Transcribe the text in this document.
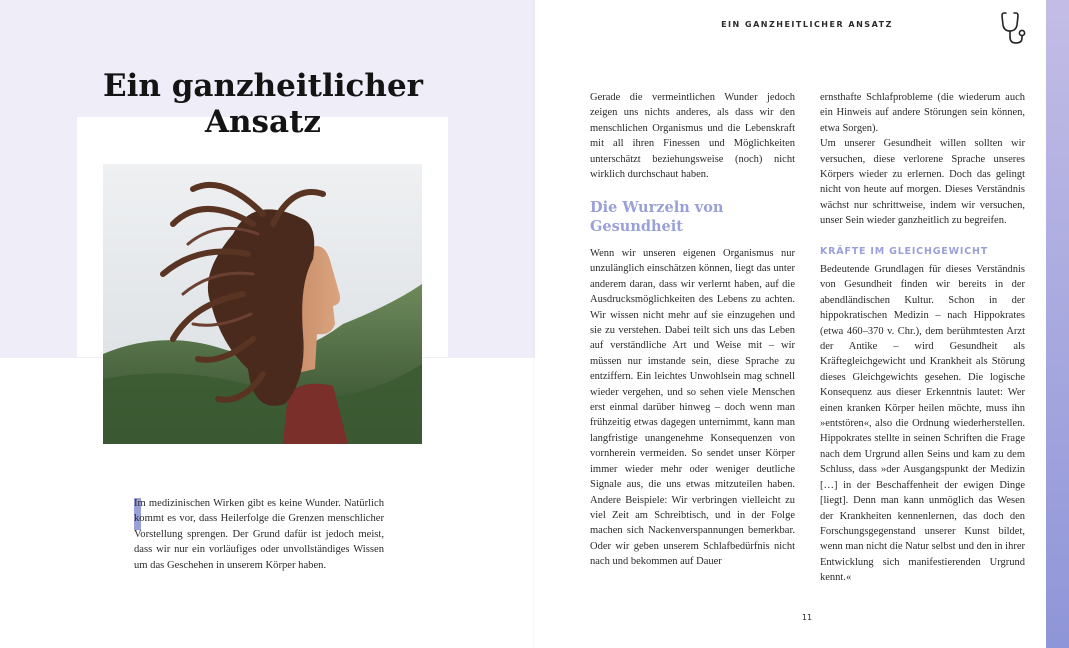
Ein ganzheitlicher Ansatz

Im medizinischen Wirken gibt es keine Wunder. Natürlich kommt es vor, dass Heilerfolge die Grenzen menschlicher Vorstellung sprengen. Der Grund dafür ist jedoch meist, dass wir nur ein vorläufiges oder unvollständiges Wissen um das Geschehen in unserem Körper haben.

EIN GANZHEITLICHER ANSATZ

Gerade die vermeintlichen Wunder jedoch zeigen uns nichts anderes, als dass wir den menschlichen Organismus und die Lebenskraft mit all ihren Finessen und Möglichkeiten unterschätzt beziehungsweise (noch) nicht wirklich durchschaut haben.

Die Wurzeln von Gesundheit

Wenn wir unseren eigenen Organismus nur unzulänglich einschätzen können, liegt das unter anderem daran, dass wir verlernt haben, auf die Ausdrucksmöglichkeiten des Lebens zu achten. Wir wissen nicht mehr auf sie einzugehen und sie zu verstehen. Dabei teilt sich uns das Leben auf verständliche Art und Weise mit – wir müssen nur imstande sein, diese Sprache zu entziffern. Ein leichtes Unwohlsein mag schnell wieder vergehen, und so sehen viele Menschen erst einmal darüber hinweg – doch wenn man frühzeitig etwas dagegen unternimmt, kann man langfristige unangenehme Konsequenzen von vornherein vermeiden. So sendet unser Körper immer wieder mehr oder weniger deutliche Signale aus, die uns etwas mitzuteilen haben. Andere Beispiele: Wir verbringen vielleicht zu viel Zeit am Schreibtisch, und in der Folge machen sich Nackenverspannungen bemerkbar. Oder wir geben unserem Schlafbedürfnis nicht nach und bekommen auf Dauer

ernsthafte Schlafprobleme (die wiederum auch ein Hinweis auf andere Störungen sein können, etwa Sorgen).

Um unserer Gesundheit willen sollten wir versuchen, diese verlorene Sprache unseres Körpers wieder zu erlernen. Doch das gelingt nicht von heute auf morgen. Dieses Verständnis wächst nur schrittweise, indem wir versuchen, unser Sein wieder ganzheitlich zu begreifen.

KRÄFTE IM GLEICHGEWICHT

Bedeutende Grundlagen für dieses Verständnis von Gesundheit finden wir bereits in der abendländischen Kultur. Schon in der hippokratischen Medizin – nach Hippokrates (etwa 460–370 v. Chr.), dem berühmtesten Arzt der Antike – wird Gesundheit als Kräftegleichgewicht und Krankheit als Störung dieses Gleichgewichts gesehen. Die logische Konsequenz aus dieser Erkenntnis lautet: Wer einen kranken Körper heilen möchte, muss ihn »entstören«, also die Ordnung wiederherstellen. Hippokrates stellte in seinen Schriften die Frage nach dem Urgrund allen Seins und kam zu dem Schluss, dass »der Ausgangspunkt der Medizin […] in der Beschaffenheit der ewigen Dinge [liegt]. Denn man kann unmöglich das Wesen der Krankheiten kennenlernen, das doch den Forschungsgegenstand unserer Kunst bildet, wenn man nicht die Natur selbst und den in ihrer Entwicklung sich manifestierenden Urgrund kennt.«

11
